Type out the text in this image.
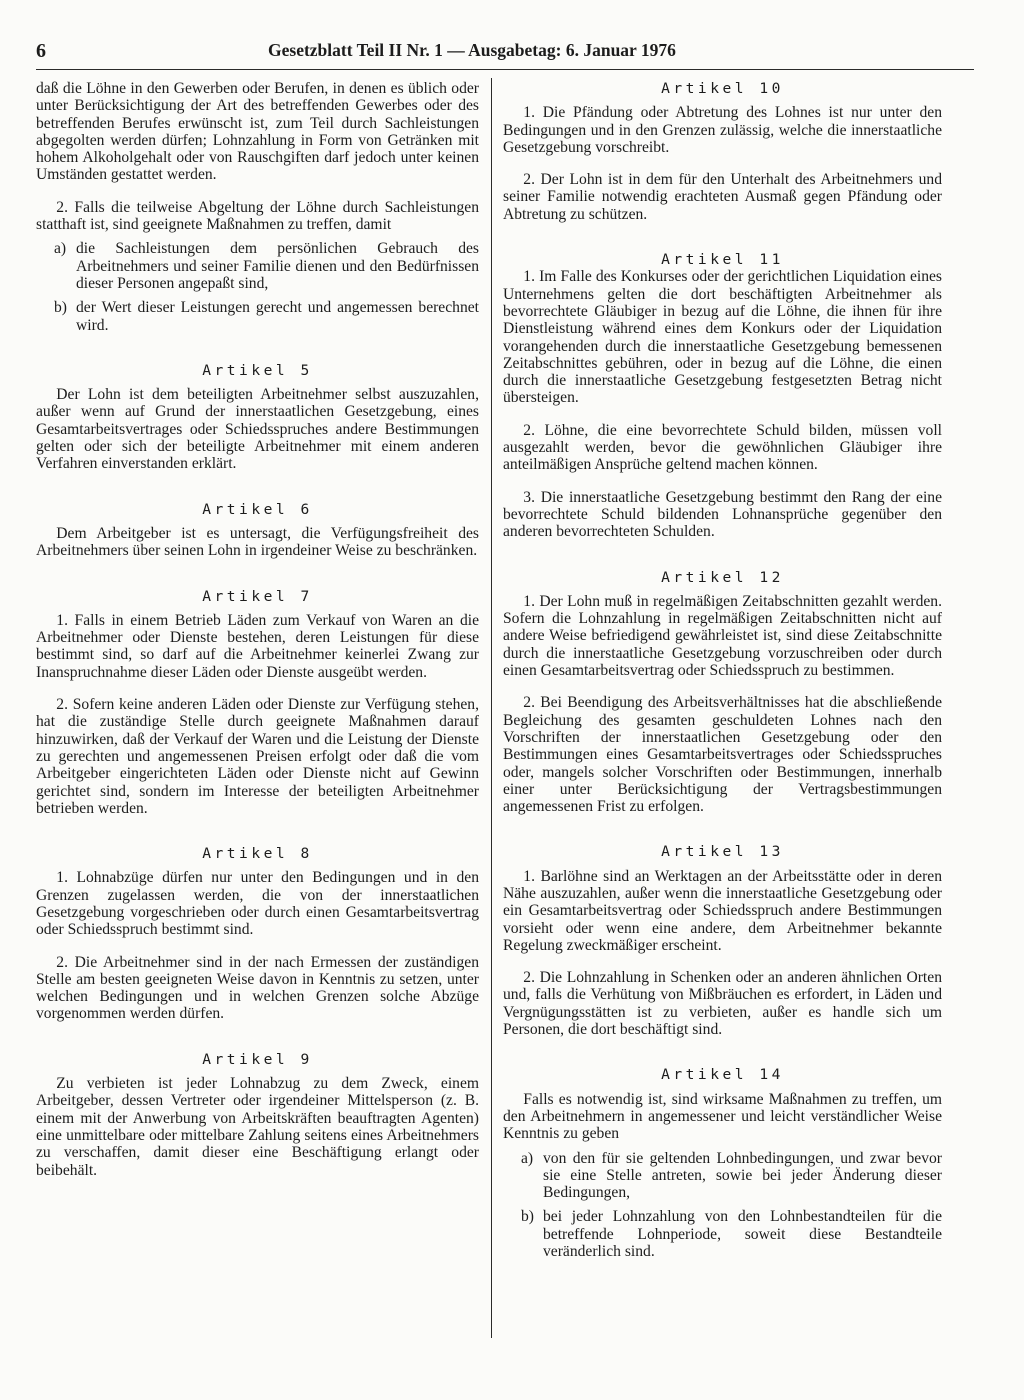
6	Gesetzblatt Teil II Nr. 1 — Ausgabetag: 6. Januar 1976

daß die Löhne in den Gewerben oder Berufen, in denen es üblich oder unter Berücksichtigung der Art des betreffenden Gewerbes oder des betreffenden Berufes erwünscht ist, zum Teil durch Sachleistungen abgegolten werden dürfen; Lohnzahlung in Form von Getränken mit hohem Alkoholgehalt oder von Rauschgiften darf jedoch unter keinen Umständen gestattet werden.

2. Falls die teilweise Abgeltung der Löhne durch Sachleistungen statthaft ist, sind geeignete Maßnahmen zu treffen, damit

a) die Sachleistungen dem persönlichen Gebrauch des Arbeitnehmers und seiner Familie dienen und den Bedürfnissen dieser Personen angepaßt sind,
b) der Wert dieser Leistungen gerecht und angemessen berechnet wird.

Artikel 5

Der Lohn ist dem beteiligten Arbeitnehmer selbst auszuzahlen, außer wenn auf Grund der innerstaatlichen Gesetzgebung, eines Gesamtarbeitsvertrages oder Schiedsspruches andere Bestimmungen gelten oder sich der beteiligte Arbeitnehmer mit einem anderen Verfahren einverstanden erklärt.

Artikel 6

Dem Arbeitgeber ist es untersagt, die Verfügungsfreiheit des Arbeitnehmers über seinen Lohn in irgendeiner Weise zu beschränken.

Artikel 7

1. Falls in einem Betrieb Läden zum Verkauf von Waren an die Arbeitnehmer oder Dienste bestehen, deren Leistungen für diese bestimmt sind, so darf auf die Arbeitnehmer keinerlei Zwang zur Inanspruchnahme dieser Läden oder Dienste ausgeübt werden.

2. Sofern keine anderen Läden oder Dienste zur Verfügung stehen, hat die zuständige Stelle durch geeignete Maßnahmen darauf hinzuwirken, daß der Verkauf der Waren und die Leistung der Dienste zu gerechten und angemessenen Preisen erfolgt oder daß die vom Arbeitgeber eingerichteten Läden oder Dienste nicht auf Gewinn gerichtet sind, sondern im Interesse der beteiligten Arbeitnehmer betrieben werden.

Artikel 8

1. Lohnabzüge dürfen nur unter den Bedingungen und in den Grenzen zugelassen werden, die von der innerstaatlichen Gesetzgebung vorgeschrieben oder durch einen Gesamtarbeitsvertrag oder Schiedsspruch bestimmt sind.

2. Die Arbeitnehmer sind in der nach Ermessen der zuständigen Stelle am besten geeigneten Weise davon in Kenntnis zu setzen, unter welchen Bedingungen und in welchen Grenzen solche Abzüge vorgenommen werden dürfen.

Artikel 9

Zu verbieten ist jeder Lohnabzug zu dem Zweck, einem Arbeitgeber, dessen Vertreter oder irgendeiner Mittelsperson (z. B. einem mit der Anwerbung von Arbeitskräften beauftragten Agenten) eine unmittelbare oder mittelbare Zahlung seitens eines Arbeitnehmers zu verschaffen, damit dieser eine Beschäftigung erlangt oder beibehält.

Artikel 10

1. Die Pfändung oder Abtretung des Lohnes ist nur unter den Bedingungen und in den Grenzen zulässig, welche die innerstaatliche Gesetzgebung vorschreibt.

2. Der Lohn ist in dem für den Unterhalt des Arbeitnehmers und seiner Familie notwendig erachteten Ausmaß gegen Pfändung oder Abtretung zu schützen.

Artikel 11

1. Im Falle des Konkurses oder der gerichtlichen Liquidation eines Unternehmens gelten die dort beschäftigten Arbeitnehmer als bevorrechtete Gläubiger in bezug auf die Löhne, die ihnen für ihre Dienstleistung während eines dem Konkurs oder der Liquidation vorangehenden durch die innerstaatliche Gesetzgebung bemessenen Zeitabschnittes gebühren, oder in bezug auf die Löhne, die einen durch die innerstaatliche Gesetzgebung festgesetzten Betrag nicht übersteigen.

2. Löhne, die eine bevorrechtete Schuld bilden, müssen voll ausgezahlt werden, bevor die gewöhnlichen Gläubiger ihre anteilmäßigen Ansprüche geltend machen können.

3. Die innerstaatliche Gesetzgebung bestimmt den Rang der eine bevorrechtete Schuld bildenden Lohnansprüche gegenüber den anderen bevorrechteten Schulden.

Artikel 12

1. Der Lohn muß in regelmäßigen Zeitabschnitten gezahlt werden. Sofern die Lohnzahlung in regelmäßigen Zeitabschnitten nicht auf andere Weise befriedigend gewährleistet ist, sind diese Zeitabschnitte durch die innerstaatliche Gesetzgebung vorzuschreiben oder durch einen Gesamtarbeitsvertrag oder Schiedsspruch zu bestimmen.

2. Bei Beendigung des Arbeitsverhältnisses hat die abschließende Begleichung des gesamten geschuldeten Lohnes nach den Vorschriften der innerstaatlichen Gesetzgebung oder den Bestimmungen eines Gesamtarbeitsvertrages oder Schiedsspruches oder, mangels solcher Vorschriften oder Bestimmungen, innerhalb einer unter Berücksichtigung der Vertragsbestimmungen angemessenen Frist zu erfolgen.

Artikel 13

1. Barlöhne sind an Werktagen an der Arbeitsstätte oder in deren Nähe auszuzahlen, außer wenn die innerstaatliche Gesetzgebung oder ein Gesamtarbeitsvertrag oder Schiedsspruch andere Bestimmungen vorsieht oder wenn eine andere, dem Arbeitnehmer bekannte Regelung zweckmäßiger erscheint.

2. Die Lohnzahlung in Schenken oder an anderen ähnlichen Orten und, falls die Verhütung von Mißbräuchen es erfordert, in Läden und Vergnügungsstätten ist zu verbieten, außer es handle sich um Personen, die dort beschäftigt sind.

Artikel 14

Falls es notwendig ist, sind wirksame Maßnahmen zu treffen, um den Arbeitnehmern in angemessener und leicht verständlicher Weise Kenntnis zu geben

a) von den für sie geltenden Lohnbedingungen, und zwar bevor sie eine Stelle antreten, sowie bei jeder Änderung dieser Bedingungen,
b) bei jeder Lohnzahlung von den Lohnbestandteilen für die betreffende Lohnperiode, soweit diese Bestandteile veränderlich sind.
